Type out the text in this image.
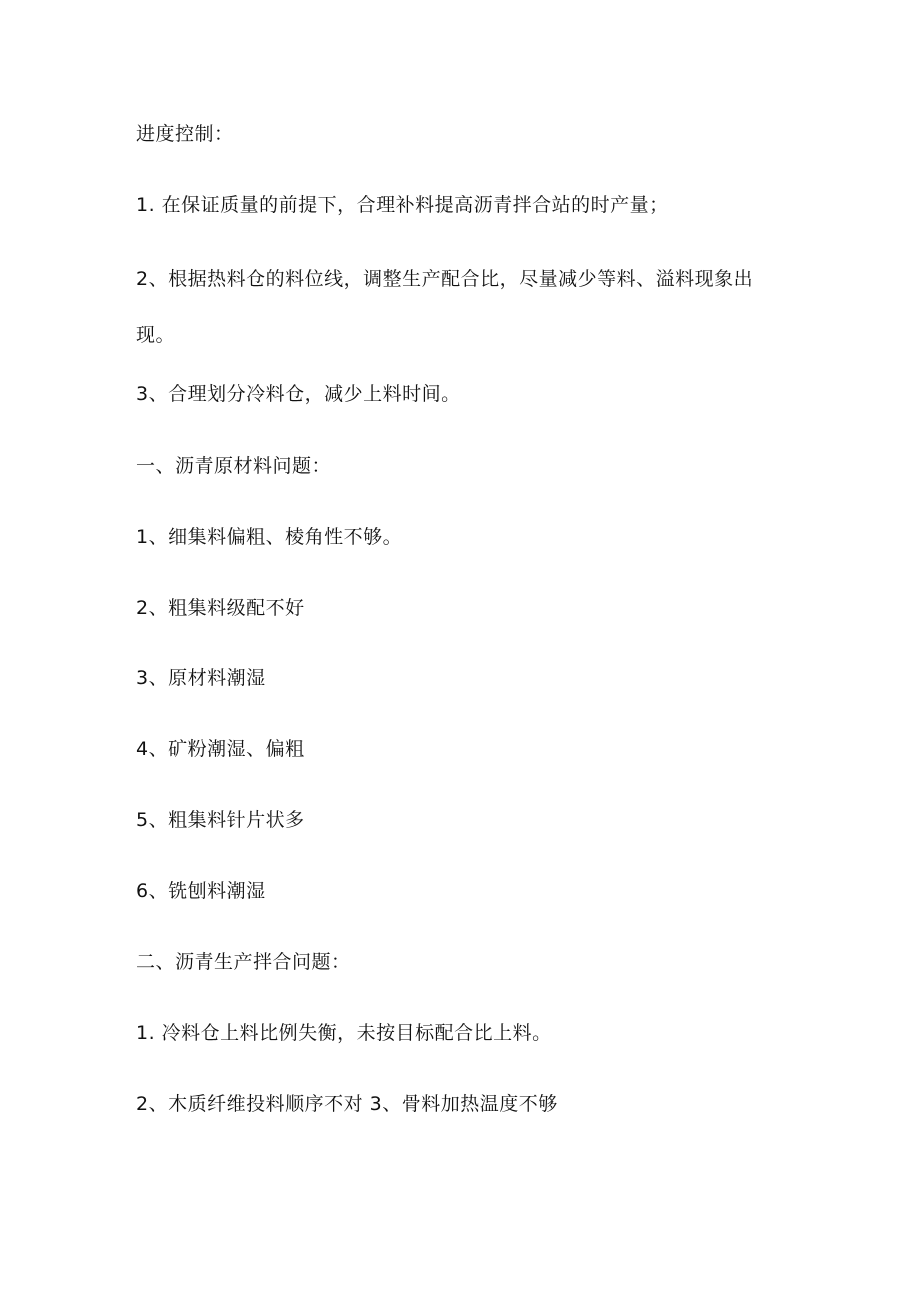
进度控制：
1. 在保证质量的前提下，合理补料提高沥青拌合站的时产量；
2、根据热料仓的料位线，调整生产配合比，尽量减少等料、溢料现象出现。
3、合理划分冷料仓，减少上料时间。
一、沥青原材料问题：
1、细集料偏粗、棱角性不够。
2、粗集料级配不好
3、原材料潮湿
4、矿粉潮湿、偏粗
5、粗集料针片状多
6、铣刨料潮湿
二、沥青生产拌合问题：
1. 冷料仓上料比例失衡，未按目标配合比上料。
2、木质纤维投料顺序不对 3、骨料加热温度不够
